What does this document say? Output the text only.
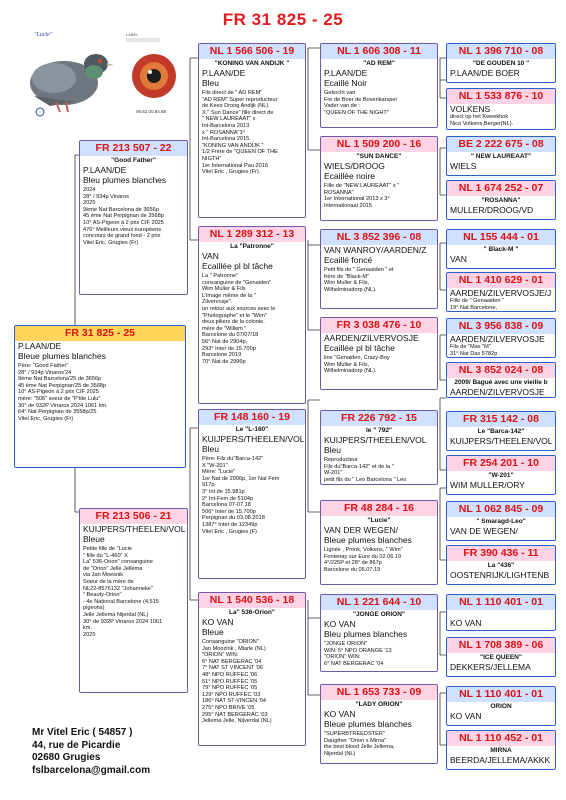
FR 31 825 - 25
"Lucie"	LABEL
06.62.00.84.88
FR 31 825 - 25
P.LAAN/DE
Bleue plumes blanches
Père: "Good Father"
28° / 934p Vinaros'24
9ème Nat Barcelona'25 de 3656p
45 ème Nat Perpignan'25 de 3568p
10° AS-Pigeon à 2 prix CIF 2025
mère: "506" soeur de "P'tite Lulu"
30° de 932P Vinaros 2024 1061 km.
64° Nat Perpignan de 3558p/25
Vitel Eric, Grugies (Fr)
FR 213 507 - 22
"Good Father"
P.LAAN/DE
Bleu plumes blanches
2024
28° / 934p Vinaros
2025
9ème Nat Barcelona de 3656p
45 ème Nat Perpignan de 3568p
10° AS-Pigeon à 2 prix CIF 2025
476° Meilleurs vieux européens
concours de grand fond - 2 prix
Vitel Eric, Grugies (Fr)
FR 213 506 - 21
KUIJPERS/THEELEN/VOL
Bleue
Petite fille de "Lucie
" fille du "L-460" X
La" 536-Orion" consanguine
de "Orion" Jelle Jellema
via Jan Moesnik
Soeur de la mère de
NL22-8576132 "Johanneke"
" Beauty-Orion"
- 4e National Barcelone (4,515
pigeons)
Jelle Jellema Nijerdal (NL)
30° de 932P Vinaros 2024 1061
km.
2025
NL 1 566 506 - 19
"KONING VAN ANDIJK "
P.LAAN/DE
Bleu
Fils direct de " AD REM"
"AD REM" Super reproducteur
de Kees Droog Andijk (NL)
X " Sun Dance" fille direct de
" NEW LAUREAAT" x
Int-Barcelona 2013
x " ROSANNA"3°
Int-Barcelona 2015.
"KONING VAN ANDIJK "
1/2 Frère de "QUEEN OF THE
NIGTH"
1er International Pau 2016
Vitel Eric , Grugies (Fr).
NL 1 289 312 - 13
La "Patronne"
VAN
Ecaillée pl bl tâche
La " Patronne"
consanguine de "Genaiden"
Wim Muller & Fils
L'image même de la "
Zilvervosje".
un retour aux sources avec le
"Photographe" et le "Wim"
deux piliers de la colonie.
mère de "Willem "
Barcelone du 07/07/18
56° Nat de 2904p,
293° Inter de 15.700p
Barcelone 2019
70° Nat de 2996p
FR 148 160 - 19
Le "L-160"
KUIJPERS/THEELEN/VOL
Bleu
Père: Fils du"Barca-142"
X "W-201"
Mère: "Lucie"
1er Nat de 2996p, 1er Nat Fem
917p
3° Int de 15.981p
2° Int-Fem de 5104p
Barcelona 07-07.18
506° Inter de 15.700p
Perpignan du 03.08.2018
1387° Inter de 12349p
Vitel Eric , Grugies (F)
NL 1 540 536 - 18
La" 536-Orion"
KO VAN
Bleue
Consanguine "ORION"
Jan Moozink , Miarle (NL)
"ORION" WIN:
6° NAT BERGERAC '04
7° NAT ST VINCENT '06
48° NPO RUFFEC '06
51° NPO RUFFEC '05
79° NPO RUFFEC '05
129° NPO RUFFEC '03
186° NAT ST-VINCEN '04
275° NPO BRIVE '05
295° NAT BERGERAC '03
Jellema Jelle, Nijverdal (NL)
NL 1 606 308 - 11
"AD REM"
P.LAAN/DE
Ecaillé Noir
Gekocht van
Fre de Boer de Bovenkarspel
Vader van de :
"QUEEN OF THE NIGHT"
NL 1 509 200 - 16
"SUN DANCE"
WIELS/DROOG
Ecaillée noire
Fille de "NEW LAUREAAT" x "
ROSANNA"
1er International 2013 x 3°
Internationaal 2015
NL 3 852 396 - 08
VAN WANROY/AARDEN/Z
Ecaillé foncé
Petit fils de " Genaaiden " et
frère de "Black-M"
Wim Muller & Fils,
Wilhelminadorp (NL).
FR 3 038 476 - 10
AARDEN/ZILVERVOSJE
Ecaillée pl bl tâche
line "Genaiden, Crazy-Boy
Wim Muller & Fils,
Wilhelminadorp (NL).
FR 226 792 - 15
le " 792"
KUIJPERS/THEELEN/VOL
Bleu
Reproducteur
Fils du"Barca-142" et de la "
W-201"
petit fils du " Leo Barcelona " Leo
FR 48 284 - 16
"Lucie"
VAN DER WEGEN/
Bleue plumes blanches
Lignée , Pronk, Volkens, " Wim"
Fontenay sur Eure du 02.06.19
4°/225P et 28° de 867p
Barcelone du 05.07.19
NL 1 221 644 - 10
"JONGE ORION"
KO VAN
Bleu plumes blanches
"JONGE ORION"
WIN: 5° NPO ORANGE '13
"ORION" WIN:
6° NAT BERGERAC '04
NL 1 653 733 - 09
"LADY ORION"
KO VAN
Bleue plumes blanches
"SUPERBTREEDSTER"
Daugther "Orion x Mirna"
the best blood Jelle Jellema,
Nijerdal (NL)
NL 1 396 710 - 08
"DE GOUDEN 10 "
P.LAAN/DE BOER
NL 1 533 876 - 10
VOLKENS
direct op het Kweekhok
Nico Volkens,Berger(NL).
BE 2 222 675 - 08
" NEW LAUREAAT"
WIELS
NL 1 674 252 - 07
"ROSANNA"
MULLER/DROOG/VD
NL 155 444 - 01
" Black-M "
VAN
NL 1 410 629 - 01
AARDEN/ZILVERVOSJE/J
Fille de " Genaaiden "
19° Nat Barcelone,
NL 3 956 838 - 09
AARDEN/ZILVERVOSJE
Fils de "Max "M"
31° Nat Dax 5782p
NL 3 852 024 - 08
2009/ Bagué avec une vieille b
AARDEN/ZILVERVOSJE
FR 315 142 - 08
Le "Barca-142"
KUIJPERS/THEELEN/VOL
FR 254 201 - 10
"W-201"
WIM MULLER/ORY
NL 1 062 845 - 09
" Smaragd-Leo"
VAN DE WEGEN/
FR 390 436 - 11
La "436"
OOSTENRIJK/LIGHTENB
NL 1 110 401 - 01
KO VAN
NL 1 708 389 - 06
"ICE QUEEN"
DEKKERS/JELLEMA
NL 1 110 401 - 01
ORION
KO VAN
NL 1 110 452 - 01
MIRNA
BEERDA/JELLEMA/AKKK
Mr Vitel Eric ( 54857 )
44, rue de Picardie
02680 Grugies
fslbarcelona@gmail.com
